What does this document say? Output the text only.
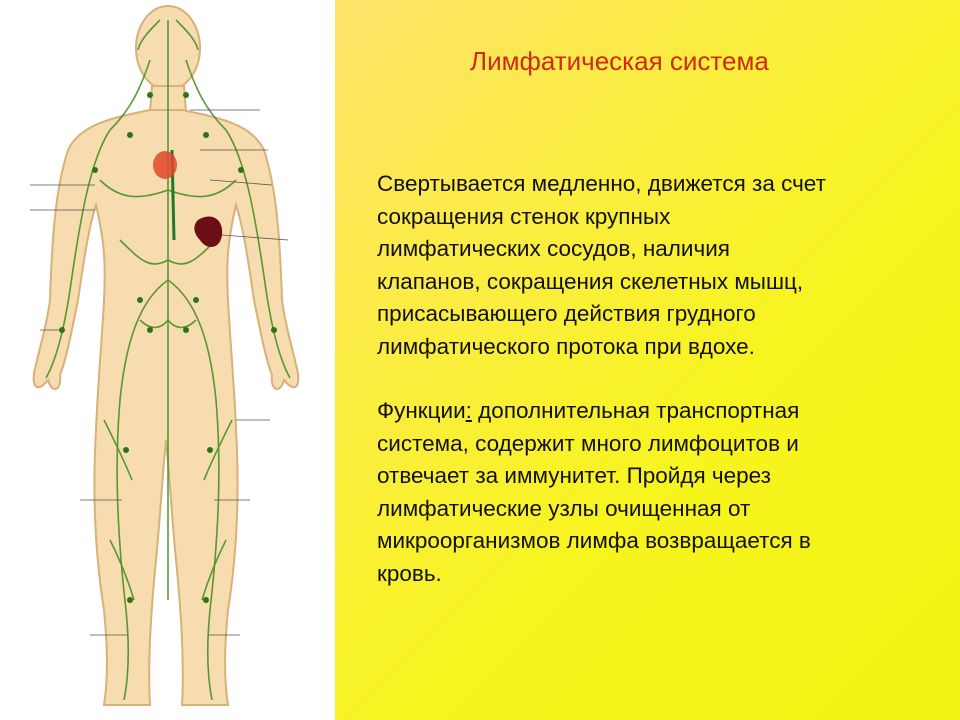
Лимфатическая система
Свертывается медленно, движется за счет
сокращения стенок крупных
лимфатических сосудов, наличия
клапанов, сокращения скелетных мышц,
присасывающего действия грудного
лимфатического протока при вдохе.
Функции: дополнительная транспортная
система, содержит много лимфоцитов и
отвечает за иммунитет. Пройдя через
лимфатические узлы очищенная от
микроорганизмов лимфа возвращается в
кровь.
